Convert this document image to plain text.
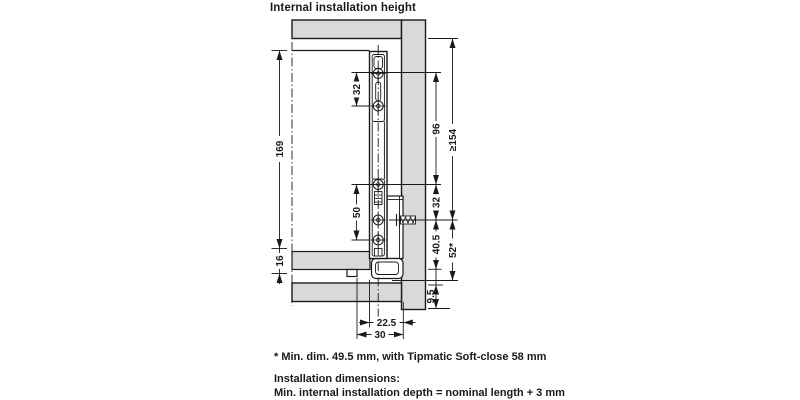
Internal installation height
169
16
32
50
96
32
40.5
9.5
≥154
52*
22.5
30
* Min. dim. 49.5 mm, with Tipmatic Soft-close 58 mm
Installation dimensions:
Min. internal installation depth = nominal length + 3 mm
